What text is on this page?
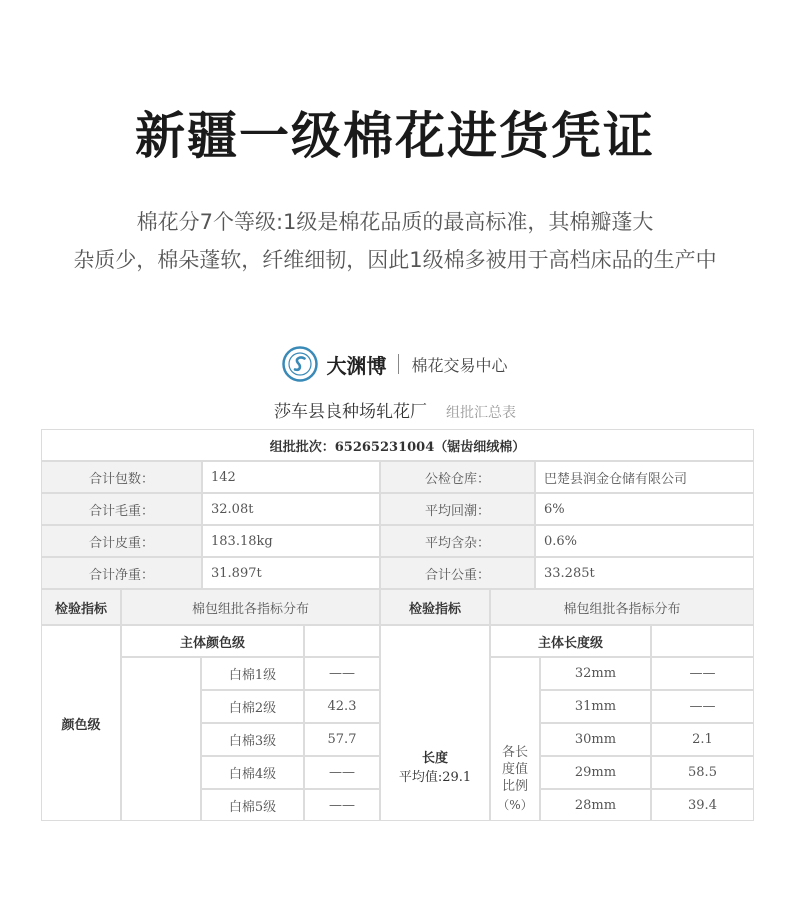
新疆一级棉花进货凭证
棉花分7个等级:1级是棉花品质的最高标准，其棉瓣蓬大
杂质少，棉朵蓬软，纤维细韧，因此1级棉多被用于高档床品的生产中
大渊博 棉花交易中心
莎车县良种场轧花厂 组批汇总表
组批批次：65265231004（锯齿细绒棉）
合计包数：	142	公检仓库：	巴楚县润金仓储有限公司
合计毛重：	32.08t	平均回潮：	6%
合计皮重：	183.18kg	平均含杂：	0.6%
合计净重：	31.897t	合计公重：	33.285t
检验指标	棉包组批各指标分布	检验指标	棉包组批各指标分布
颜色级
主体颜色级
白棉1级	——
白棉2级	42.3
白棉3级	57.7
白棉4级	——
白棉5级	——
长度
平均值:29.1
主体长度级
各长度值比例
（%）
32mm	——
31mm	——
30mm	2.1
29mm	58.5
28mm	39.4
